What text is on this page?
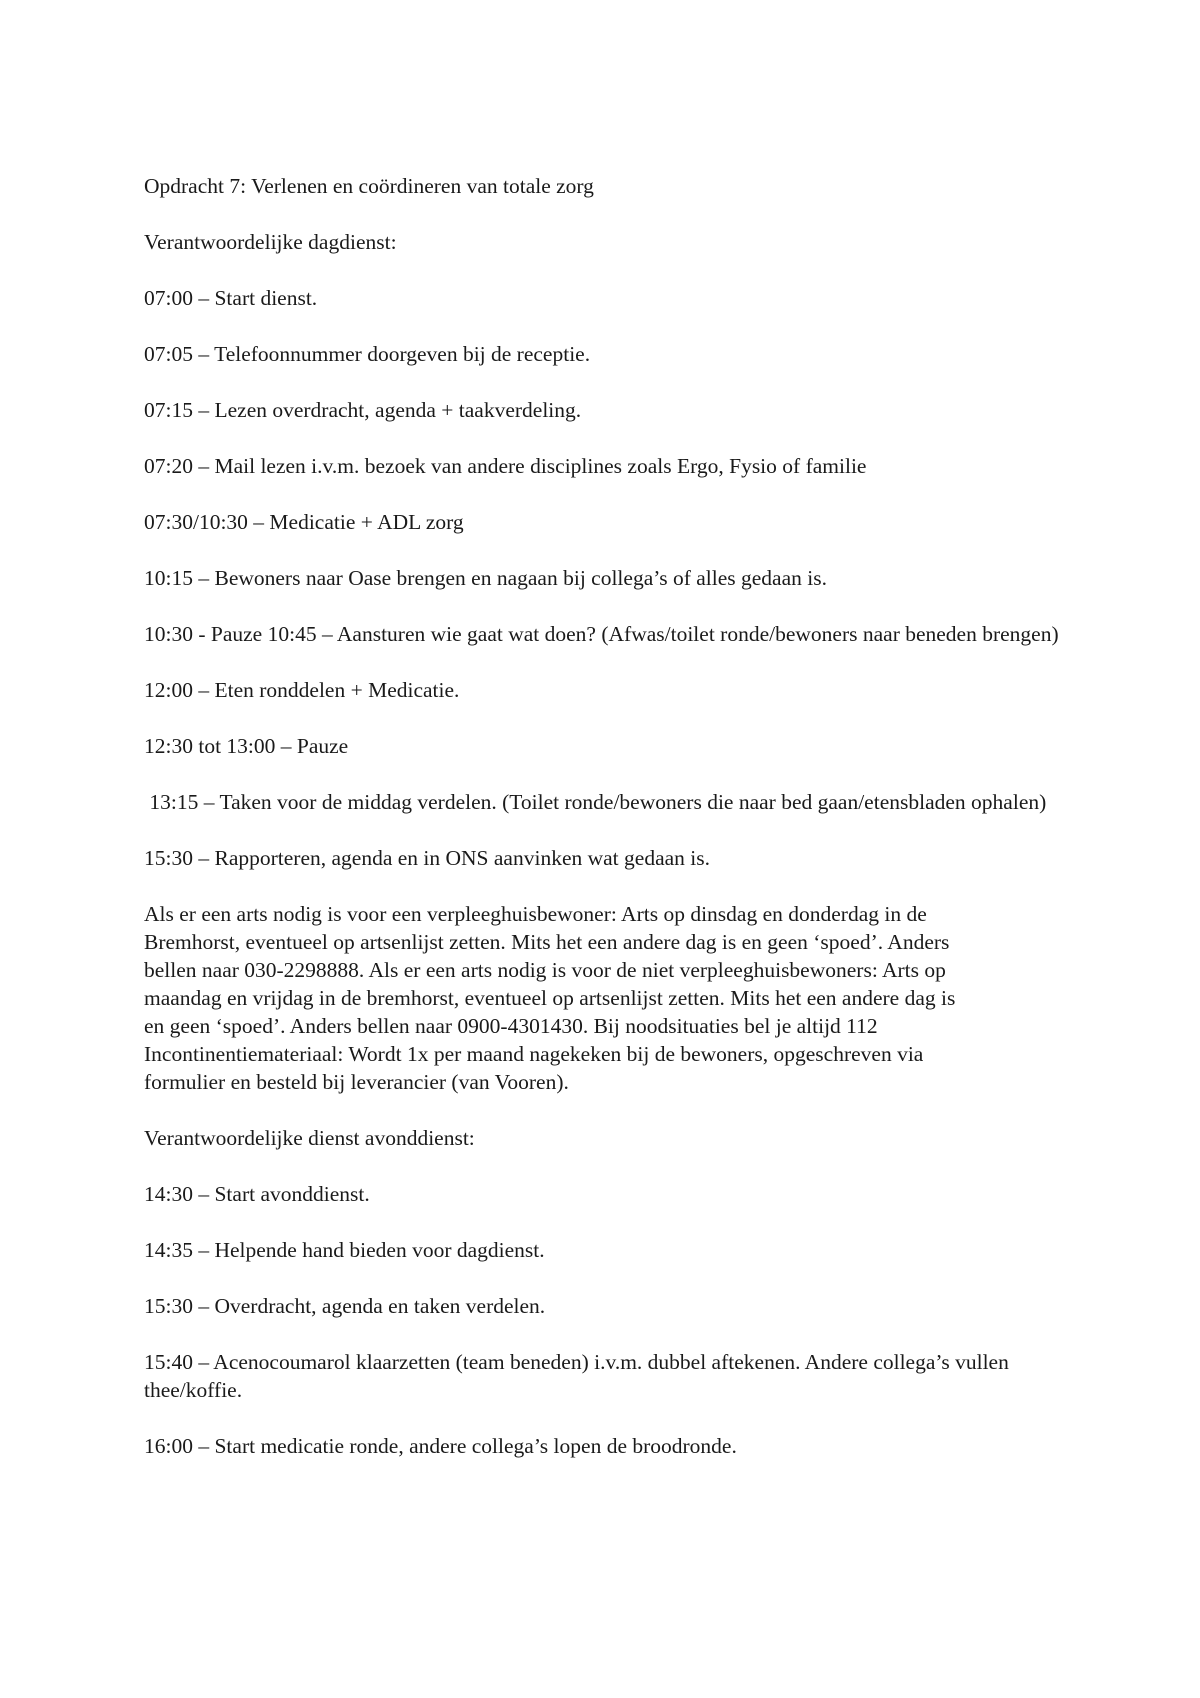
Opdracht 7: Verlenen en coördineren van totale zorg

Verantwoordelijke dagdienst:

07:00 – Start dienst.

07:05 – Telefoonnummer doorgeven bij de receptie.

07:15 – Lezen overdracht, agenda + taakverdeling.

07:20 – Mail lezen i.v.m. bezoek van andere disciplines zoals Ergo, Fysio of familie

07:30/10:30 – Medicatie + ADL zorg

10:15 – Bewoners naar Oase brengen en nagaan bij collega’s of alles gedaan is.

10:30 - Pauze 10:45 – Aansturen wie gaat wat doen? (Afwas/toilet ronde/bewoners naar beneden brengen)

12:00 – Eten ronddelen + Medicatie.

12:30 tot 13:00 – Pauze

13:15 – Taken voor de middag verdelen. (Toilet ronde/bewoners die naar bed gaan/etensbladen ophalen)

15:30 – Rapporteren, agenda en in ONS aanvinken wat gedaan is.

Als er een arts nodig is voor een verpleeghuisbewoner: Arts op dinsdag en donderdag in de
Bremhorst, eventueel op artsenlijst zetten. Mits het een andere dag is en geen ‘spoed’. Anders
bellen naar 030-2298888. Als er een arts nodig is voor de niet verpleeghuisbewoners: Arts op
maandag en vrijdag in de bremhorst, eventueel op artsenlijst zetten. Mits het een andere dag is
en geen ‘spoed’. Anders bellen naar 0900-4301430. Bij noodsituaties bel je altijd 112
Incontinentiemateriaal: Wordt 1x per maand nagekeken bij de bewoners, opgeschreven via
formulier en besteld bij leverancier (van Vooren).

Verantwoordelijke dienst avonddienst:

14:30 – Start avonddienst.

14:35 – Helpende hand bieden voor dagdienst.

15:30 – Overdracht, agenda en taken verdelen.

15:40 – Acenocoumarol klaarzetten (team beneden) i.v.m. dubbel aftekenen. Andere collega’s vullen thee/koffie.

16:00 – Start medicatie ronde, andere collega’s lopen de broodronde.
